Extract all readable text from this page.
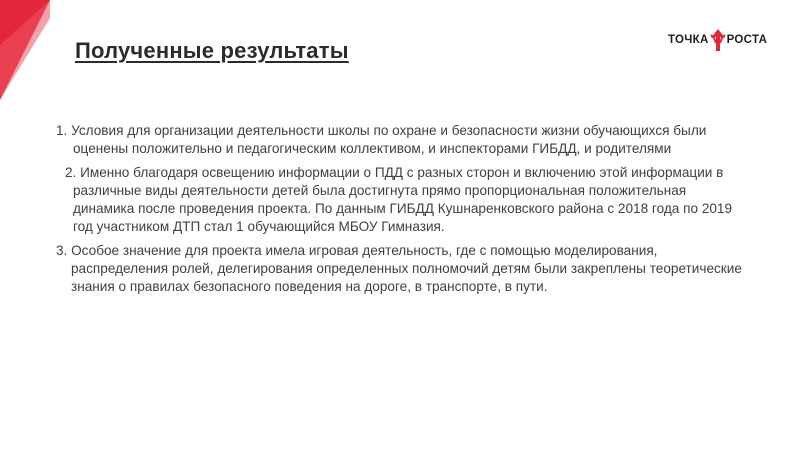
Полученные результаты	ТОЧКА РОСТА
1. Условия для организации деятельности школы по охране и безопасности жизни обучающихся были оценены положительно и педагогическим коллективом, и инспекторами ГИБДД, и родителями
2. Именно благодаря освещению информации о ПДД с разных сторон и включению этой информации в различные виды деятельности детей была достигнута прямо пропорциональная положительная динамика после проведения проекта. По данным ГИБДД Кушнаренковского района с 2018 года по 2019 год участником ДТП стал 1 обучающийся МБОУ Гимназия.
3. Особое значение для проекта имела игровая деятельность, где с помощью моделирования, распределения ролей, делегирования определенных полномочий детям были закреплены теоретические знания о правилах безопасного поведения на дороге, в транспорте, в пути.
